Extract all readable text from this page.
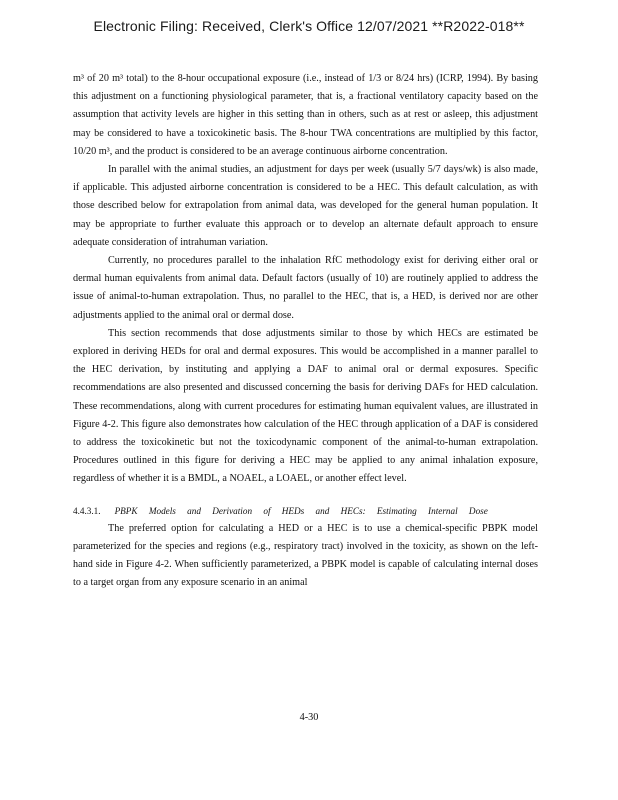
Electronic Filing: Received, Clerk's Office 12/07/2021 **R2022-018**

m³ of 20 m³ total) to the 8-hour occupational exposure (i.e., instead of 1/3 or 8/24 hrs) (ICRP, 1994). By basing this adjustment on a functioning physiological parameter, that is, a fractional ventilatory capacity based on the assumption that activity levels are higher in this setting than in others, such as at rest or asleep, this adjustment may be considered to have a toxicokinetic basis. The 8-hour TWA concentrations are multiplied by this factor, 10/20 m³, and the product is considered to be an average continuous airborne concentration.

In parallel with the animal studies, an adjustment for days per week (usually 5/7 days/wk) is also made, if applicable. This adjusted airborne concentration is considered to be a HEC. This default calculation, as with those described below for extrapolation from animal data, was developed for the general human population. It may be appropriate to further evaluate this approach or to develop an alternate default approach to ensure adequate consideration of intrahuman variation.

Currently, no procedures parallel to the inhalation RfC methodology exist for deriving either oral or dermal human equivalents from animal data. Default factors (usually of 10) are routinely applied to address the issue of animal-to-human extrapolation. Thus, no parallel to the HEC, that is, a HED, is derived nor are other adjustments applied to the animal oral or dermal dose.

This section recommends that dose adjustments similar to those by which HECs are estimated be explored in deriving HEDs for oral and dermal exposures. This would be accomplished in a manner parallel to the HEC derivation, by instituting and applying a DAF to animal oral or dermal exposures. Specific recommendations are also presented and discussed concerning the basis for deriving DAFs for HED calculation. These recommendations, along with current procedures for estimating human equivalent values, are illustrated in Figure 4-2. This figure also demonstrates how calculation of the HEC through application of a DAF is considered to address the toxicokinetic but not the toxicodynamic component of the animal-to-human extrapolation. Procedures outlined in this figure for deriving a HEC may be applied to any animal inhalation exposure, regardless of whether it is a BMDL, a NOAEL, a LOAEL, or another effect level.

4.4.3.1. PBPK Models and Derivation of HEDs and HECs: Estimating Internal Dose

The preferred option for calculating a HED or a HEC is to use a chemical-specific PBPK model parameterized for the species and regions (e.g., respiratory tract) involved in the toxicity, as shown on the left-hand side in Figure 4-2. When sufficiently parameterized, a PBPK model is capable of calculating internal doses to a target organ from any exposure scenario in an animal

4-30
